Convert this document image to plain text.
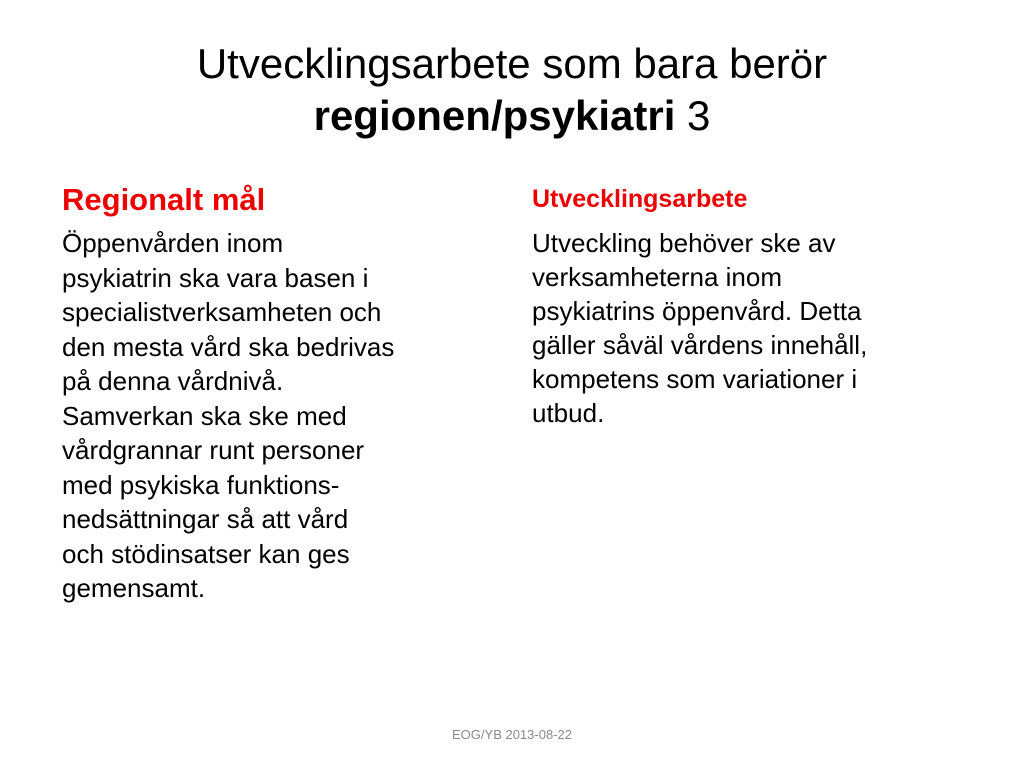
Utvecklingsarbete som bara berör
regionen/psykiatri 3
Regionalt mål
Öppenvården inom
psykiatrin ska vara basen i
specialistverksamheten och
den mesta vård ska bedrivas
på denna vårdnivå.
Samverkan ska ske med
vårdgrannar runt personer
med psykiska funktions-
nedsättningar så att vård
och stödinsatser kan ges
gemensamt.
Utvecklingsarbete
Utveckling behöver ske av
verksamheterna inom
psykiatrins öppenvård. Detta
gäller såväl vårdens innehåll,
kompetens som variationer i
utbud.
EOG/YB 2013-08-22
